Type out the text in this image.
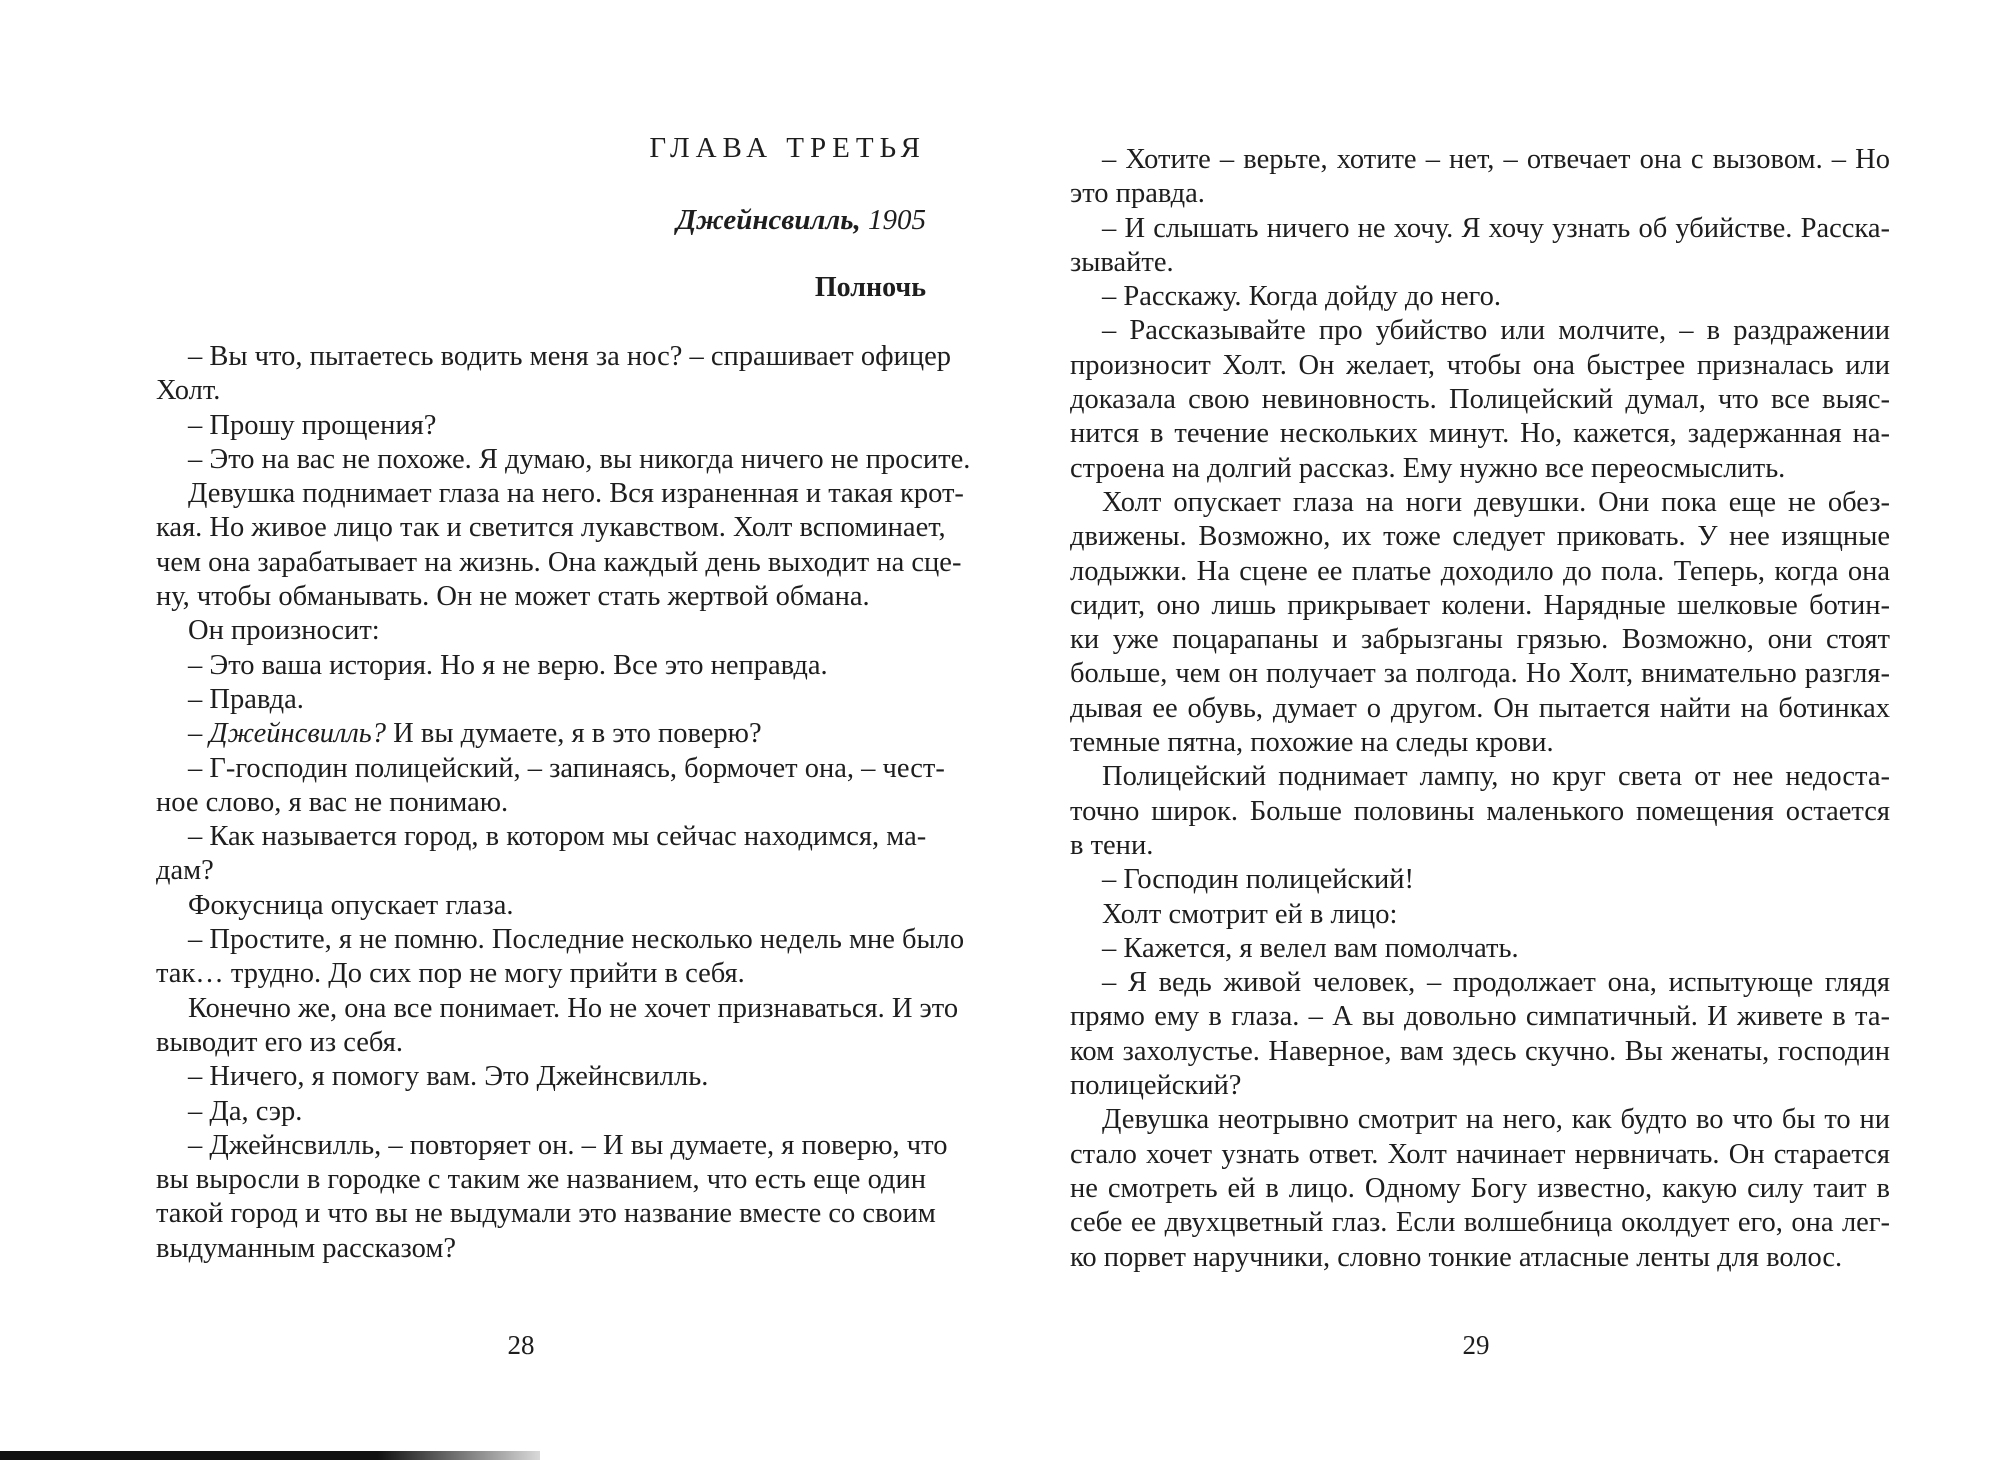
ГЛАВА ТРЕТЬЯ
Джейнсвилль, 1905
Полночь
– Вы что, пытаетесь водить меня за нос? – спрашивает офицер
Холт.
– Прошу прощения?
– Это на вас не похоже. Я думаю, вы никогда ничего не просите.
Девушка поднимает глаза на него. Вся израненная и такая крот-
кая. Но живое лицо так и светится лукавством. Холт вспоминает,
чем она зарабатывает на жизнь. Она каждый день выходит на сце-
ну, чтобы обманывать. Он не может стать жертвой обмана.
Он произносит:
– Это ваша история. Но я не верю. Все это неправда.
– Правда.
– Джейнсвилль? И вы думаете, я в это поверю?
– Г-господин полицейский, – запинаясь, бормочет она, – чест-
ное слово, я вас не понимаю.
– Как называется город, в котором мы сейчас находимся, ма-
дам?
Фокусница опускает глаза.
– Простите, я не помню. Последние несколько недель мне было
так… трудно. До сих пор не могу прийти в себя.
Конечно же, она все понимает. Но не хочет признаваться. И это
выводит его из себя.
– Ничего, я помогу вам. Это Джейнсвилль.
– Да, сэр.
– Джейнсвилль, – повторяет он. – И вы думаете, я поверю, что
вы выросли в городке с таким же названием, что есть еще один
такой город и что вы не выдумали это название вместе со своим
выдуманным рассказом?
28
– Хотите – верьте, хотите – нет, – отвечает она с вызовом. – Но
это правда.
– И слышать ничего не хочу. Я хочу узнать об убийстве. Расска-
зывайте.
– Расскажу. Когда дойду до него.
– Рассказывайте про убийство или молчите, – в раздражении
произносит Холт. Он желает, чтобы она быстрее призналась или
доказала свою невиновность. Полицейский думал, что все выяс-
нится в течение нескольких минут. Но, кажется, задержанная на-
строена на долгий рассказ. Ему нужно все переосмыслить.
Холт опускает глаза на ноги девушки. Они пока еще не обез-
движены. Возможно, их тоже следует приковать. У нее изящные
лодыжки. На сцене ее платье доходило до пола. Теперь, когда она
сидит, оно лишь прикрывает колени. Нарядные шелковые ботин-
ки уже поцарапаны и забрызганы грязью. Возможно, они стоят
больше, чем он получает за полгода. Но Холт, внимательно разгля-
дывая ее обувь, думает о другом. Он пытается найти на ботинках
темные пятна, похожие на следы крови.
Полицейский поднимает лампу, но круг света от нее недоста-
точно широк. Больше половины маленького помещения остается
в тени.
– Господин полицейский!
Холт смотрит ей в лицо:
– Кажется, я велел вам помолчать.
– Я ведь живой человек, – продолжает она, испытующе глядя
прямо ему в глаза. – А вы довольно симпатичный. И живете в та-
ком захолустье. Наверное, вам здесь скучно. Вы женаты, господин
полицейский?
Девушка неотрывно смотрит на него, как будто во что бы то ни
стало хочет узнать ответ. Холт начинает нервничать. Он старается
не смотреть ей в лицо. Одному Богу известно, какую силу таит в
себе ее двухцветный глаз. Если волшебница околдует его, она лег-
ко порвет наручники, словно тонкие атласные ленты для волос.
29
